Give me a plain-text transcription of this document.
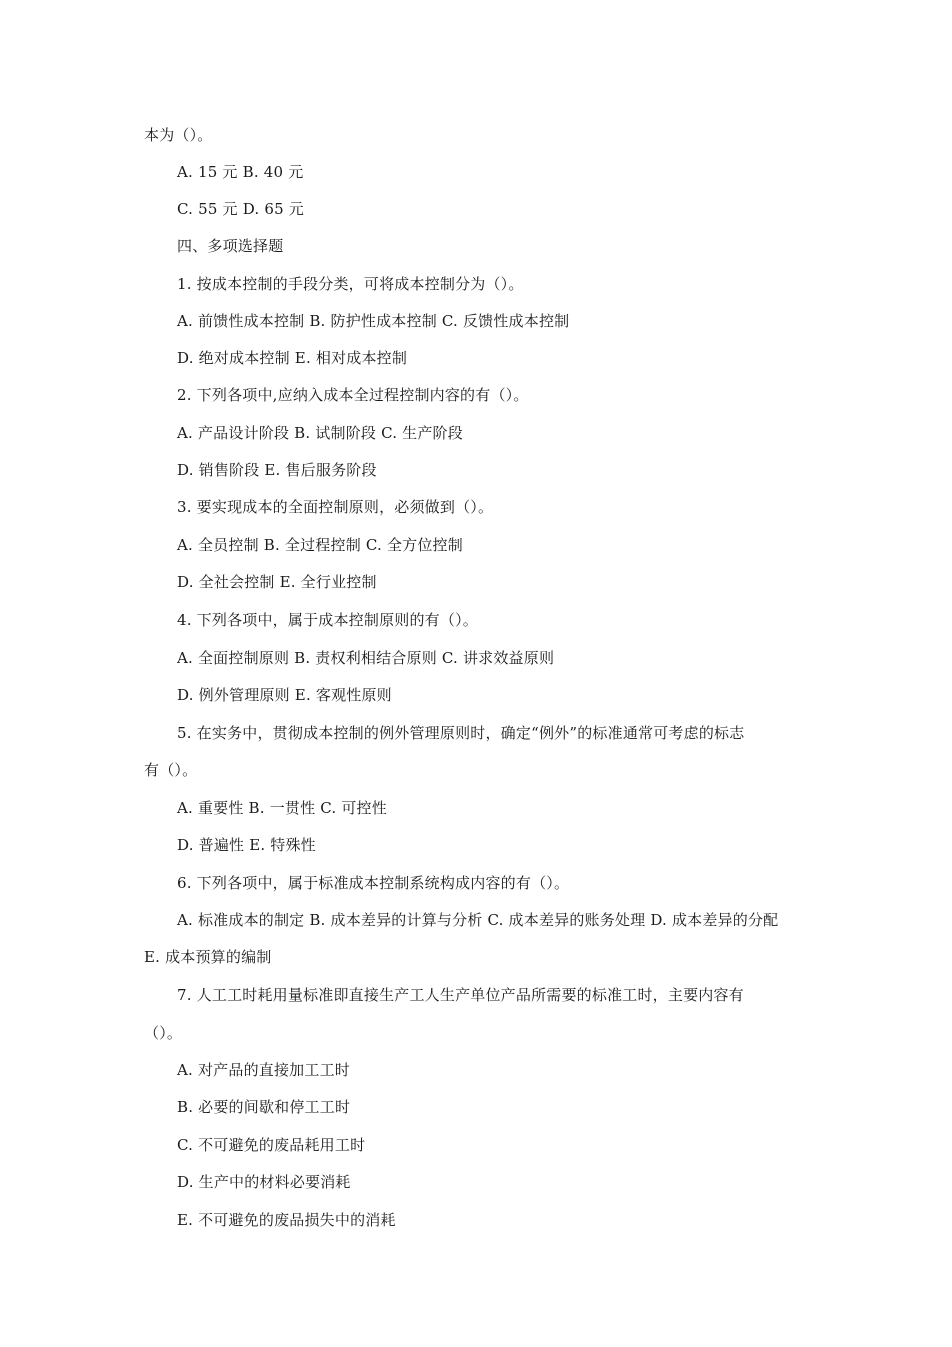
本为（）。
A. 15 元 B. 40 元
C. 55 元 D. 65 元
四、多项选择题
1. 按成本控制的手段分类，可将成本控制分为（）。
A. 前馈性成本控制 B. 防护性成本控制 C. 反馈性成本控制
D. 绝对成本控制 E. 相对成本控制
2. 下列各项中,应纳入成本全过程控制内容的有（）。
A. 产品设计阶段 B. 试制阶段 C. 生产阶段
D. 销售阶段 E. 售后服务阶段
3. 要实现成本的全面控制原则，必须做到（）。
A. 全员控制 B. 全过程控制 C. 全方位控制
D. 全社会控制 E. 全行业控制
4. 下列各项中，属于成本控制原则的有（）。
A. 全面控制原则 B. 责权利相结合原则 C. 讲求效益原则
D. 例外管理原则 E. 客观性原则
5. 在实务中，贯彻成本控制的例外管理原则时，确定“例外”的标准通常可考虑的标志
有（）。
A. 重要性 B. 一贯性 C. 可控性
D. 普遍性 E. 特殊性
6. 下列各项中，属于标准成本控制系统构成内容的有（）。
A. 标准成本的制定 B. 成本差异的计算与分析 C. 成本差异的账务处理 D. 成本差异的分配
E. 成本预算的编制
7. 人工工时耗用量标准即直接生产工人生产单位产品所需要的标准工时，主要内容有
（）。
A. 对产品的直接加工工时
B. 必要的间歇和停工工时
C. 不可避免的废品耗用工时
D. 生产中的材料必要消耗
E. 不可避免的废品损失中的消耗
